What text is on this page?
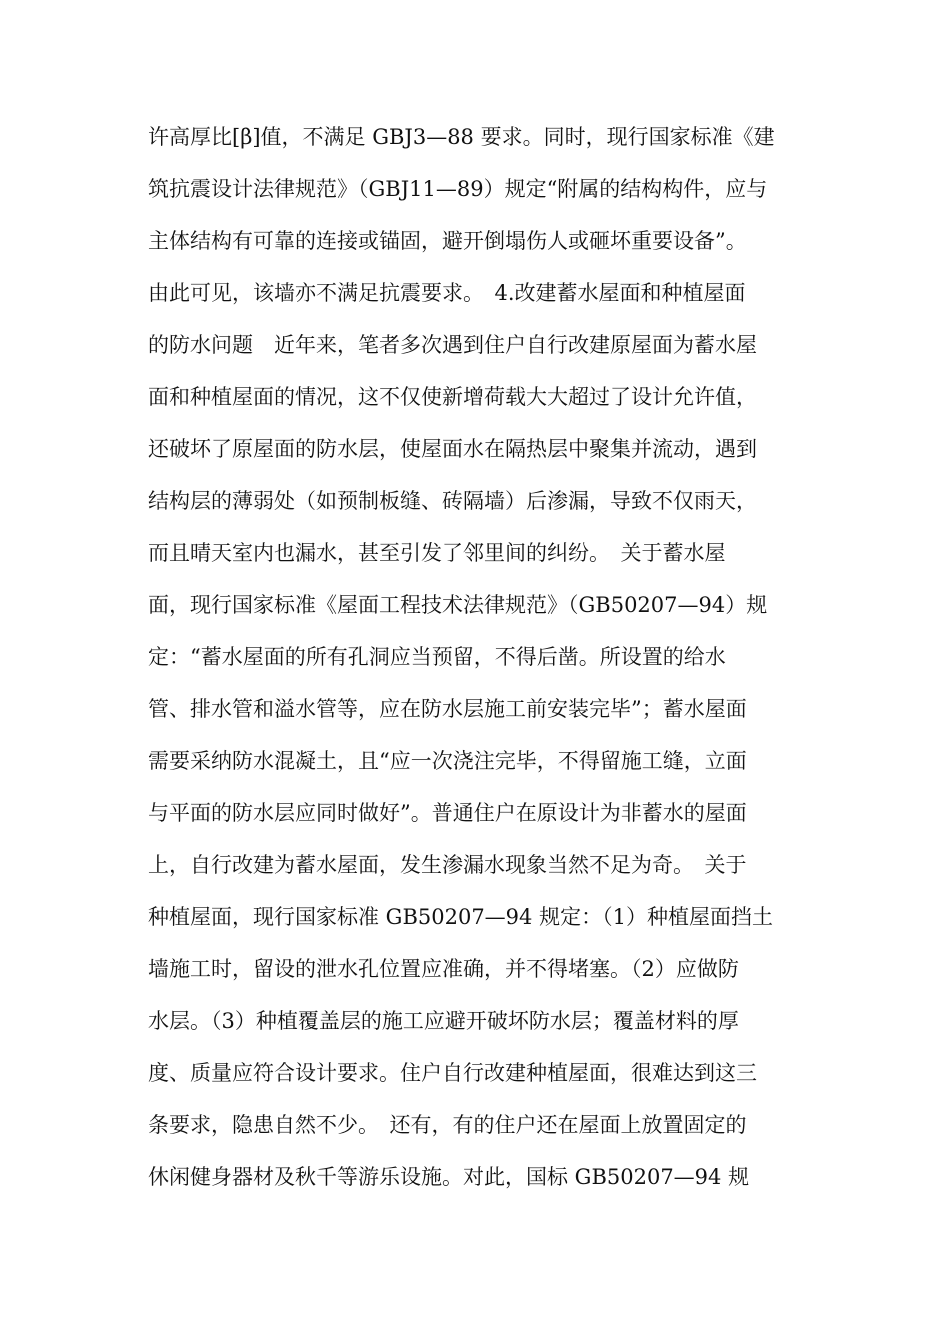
许高厚比[β]值，不满足 GBJ3—88 要求。同时，现行国家标准《建
筑抗震设计法律规范》（GBJ11—89）规定“附属的结构构件，应与
主体结构有可靠的连接或锚固，避开倒塌伤人或砸坏重要设备”。
由此可见，该墙亦不满足抗震要求。　4.改建蓄水屋面和种植屋面
的防水问题　近年来，笔者多次遇到住户自行改建原屋面为蓄水屋
面和种植屋面的情况，这不仅使新增荷载大大超过了设计允许值，
还破坏了原屋面的防水层，使屋面水在隔热层中聚集并流动，遇到
结构层的薄弱处（如预制板缝、砖隔墙）后渗漏，导致不仅雨天，
而且晴天室内也漏水，甚至引发了邻里间的纠纷。　关于蓄水屋
面，现行国家标准《屋面工程技术法律规范》（GB50207—94）规
定：“蓄水屋面的所有孔洞应当预留，不得后凿。所设置的给水
管、排水管和溢水管等，应在防水层施工前安装完毕”；蓄水屋面
需要采纳防水混凝土，且“应一次浇注完毕，不得留施工缝，立面
与平面的防水层应同时做好”。普通住户在原设计为非蓄水的屋面
上，自行改建为蓄水屋面，发生渗漏水现象当然不足为奇。　关于
种植屋面，现行国家标准 GB50207—94 规定：（1）种植屋面挡土
墙施工时，留设的泄水孔位置应准确，并不得堵塞。（2）应做防
水层。（3）种植覆盖层的施工应避开破坏防水层；覆盖材料的厚
度、质量应符合设计要求。住户自行改建种植屋面，很难达到这三
条要求，隐患自然不少。　还有，有的住户还在屋面上放置固定的
休闲健身器材及秋千等游乐设施。对此，国标 GB50207—94 规
